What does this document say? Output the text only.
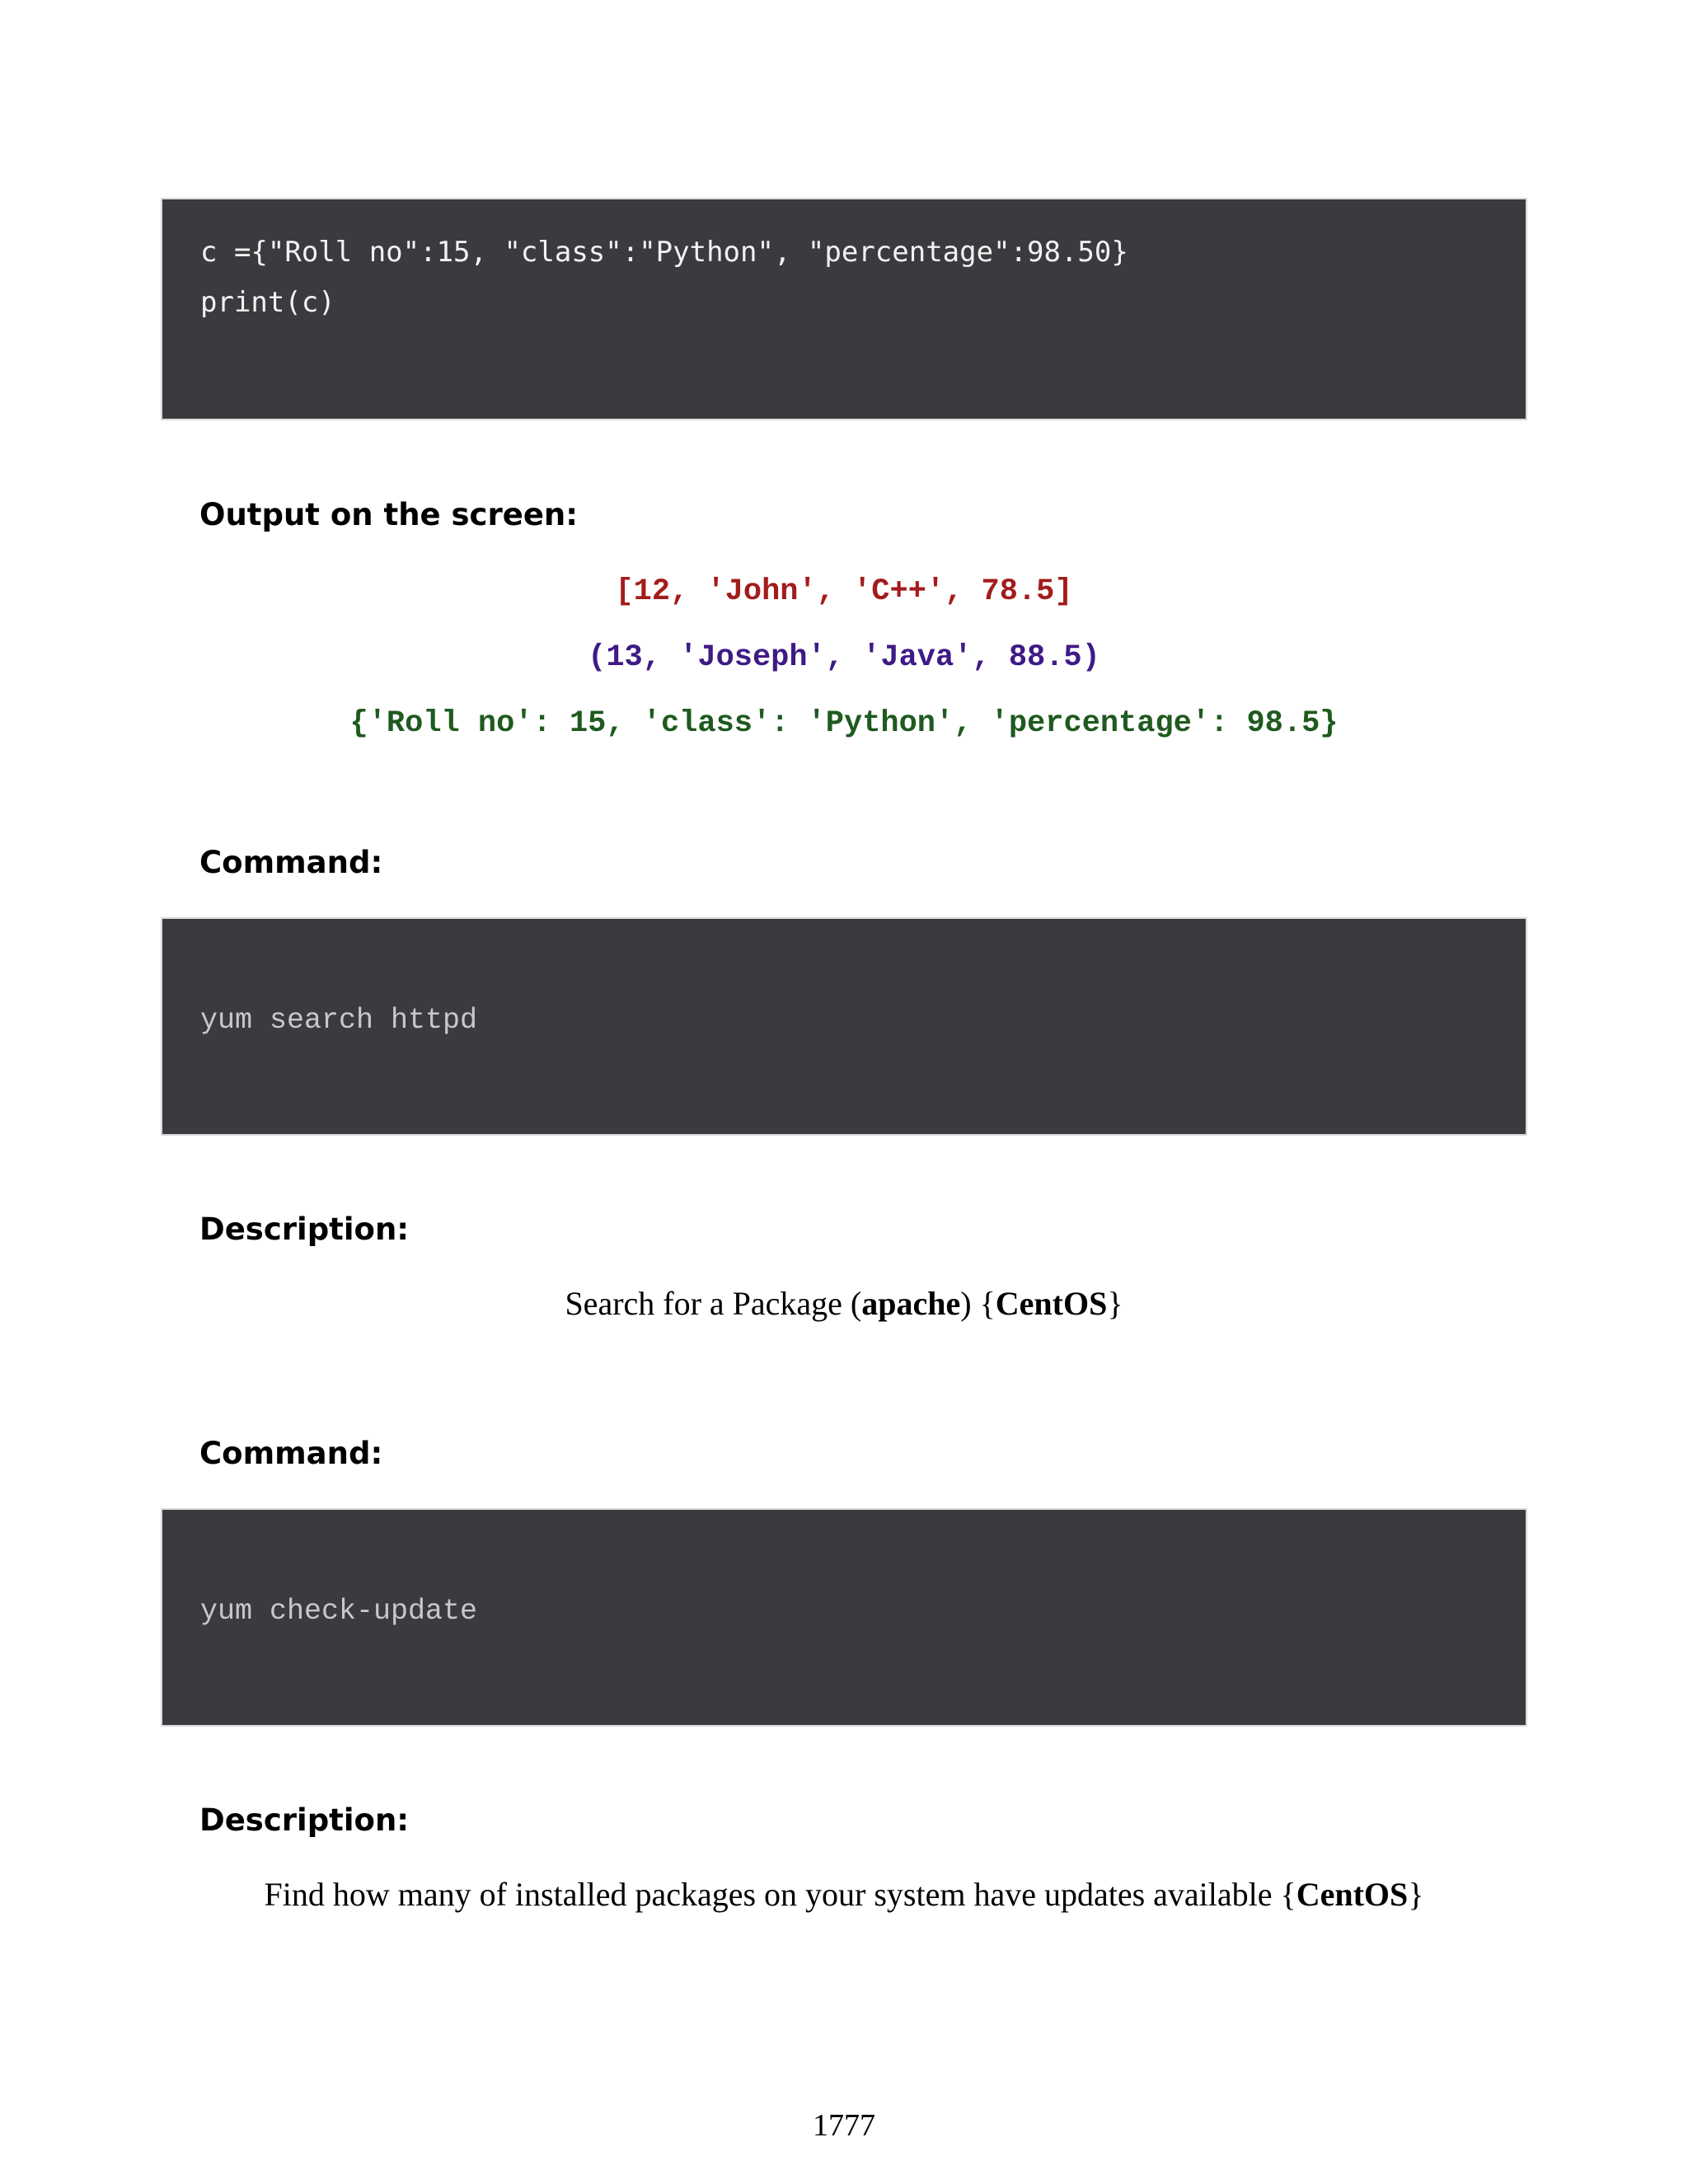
c ={"Roll no":15, "class":"Python", "percentage":98.50}
print(c)
Output on the screen:
[12, 'John', 'C++', 78.5]
(13, 'Joseph', 'Java', 88.5)
{'Roll no': 15, 'class': 'Python', 'percentage': 98.5}
Command:
yum search httpd
Description:
Search for a Package (apache) {CentOS}
Command:
yum check-update
Description:
Find how many of installed packages on your system have updates available {CentOS}
1777
